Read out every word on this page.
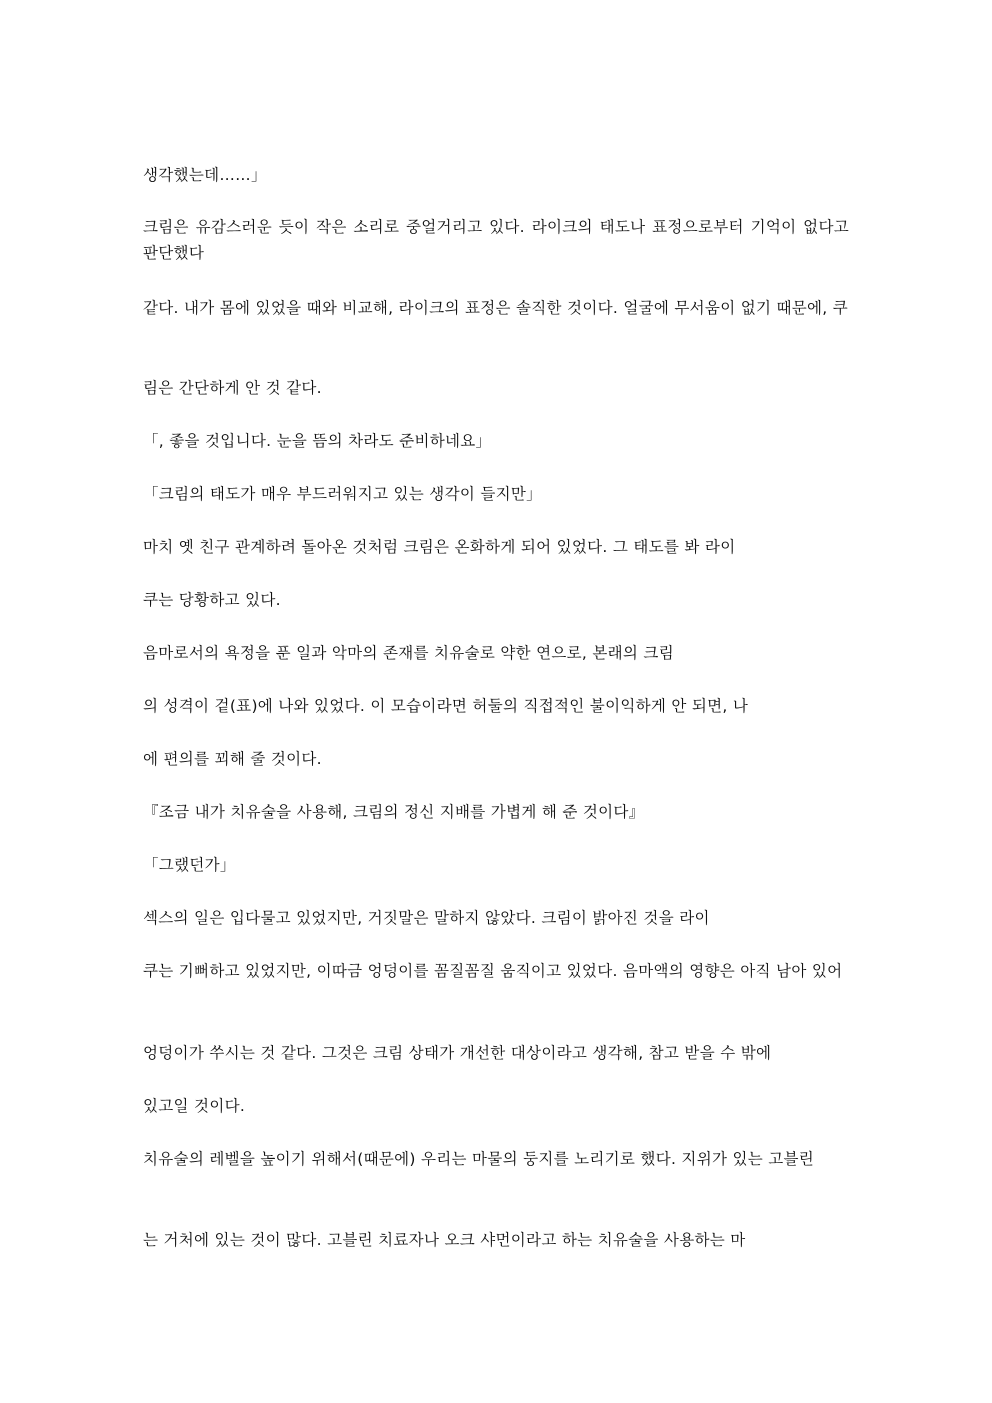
생각했는데……」

크림은 유감스러운 듯이 작은 소리로 중얼거리고 있다. 라이크의 태도나 표정으로부터 기억이 없다고 판단했다

같다. 내가 몸에 있었을 때와 비교해, 라이크의 표정은 솔직한 것이다. 얼굴에 무서움이 없기 때문에, 쿠

림은 간단하게 안 것 같다.

「, 좋을 것입니다. 눈을 뜸의 차라도 준비하네요」

「크림의 태도가 매우 부드러워지고 있는 생각이 들지만」

마치 옛 친구 관계하려 돌아온 것처럼 크림은 온화하게 되어 있었다. 그 태도를 봐 라이

쿠는 당황하고 있다.

음마로서의 욕정을 푼 일과 악마의 존재를 치유술로 약한 연으로, 본래의 크림

의 성격이 겉(표)에 나와 있었다. 이 모습이라면 허둘의 직접적인 불이익하게 안 되면, 나

에 편의를 꾀해 줄 것이다.

『조금 내가 치유술을 사용해, 크림의 정신 지배를 가볍게 해 준 것이다』

「그랬던가」

섹스의 일은 입다물고 있었지만, 거짓말은 말하지 않았다. 크림이 밝아진 것을 라이

쿠는 기뻐하고 있었지만, 이따금 엉덩이를 꼼질꼼질 움직이고 있었다. 음마액의 영향은 아직 남아 있어

엉덩이가 쑤시는 것 같다. 그것은 크림 상태가 개선한 대상이라고 생각해, 참고 받을 수 밖에

있고일 것이다.

치유술의 레벨을 높이기 위해서(때문에) 우리는 마물의 둥지를 노리기로 했다. 지위가 있는 고블린

는 거처에 있는 것이 많다. 고블린 치료자나 오크 샤먼이라고 하는 치유술을 사용하는 마
